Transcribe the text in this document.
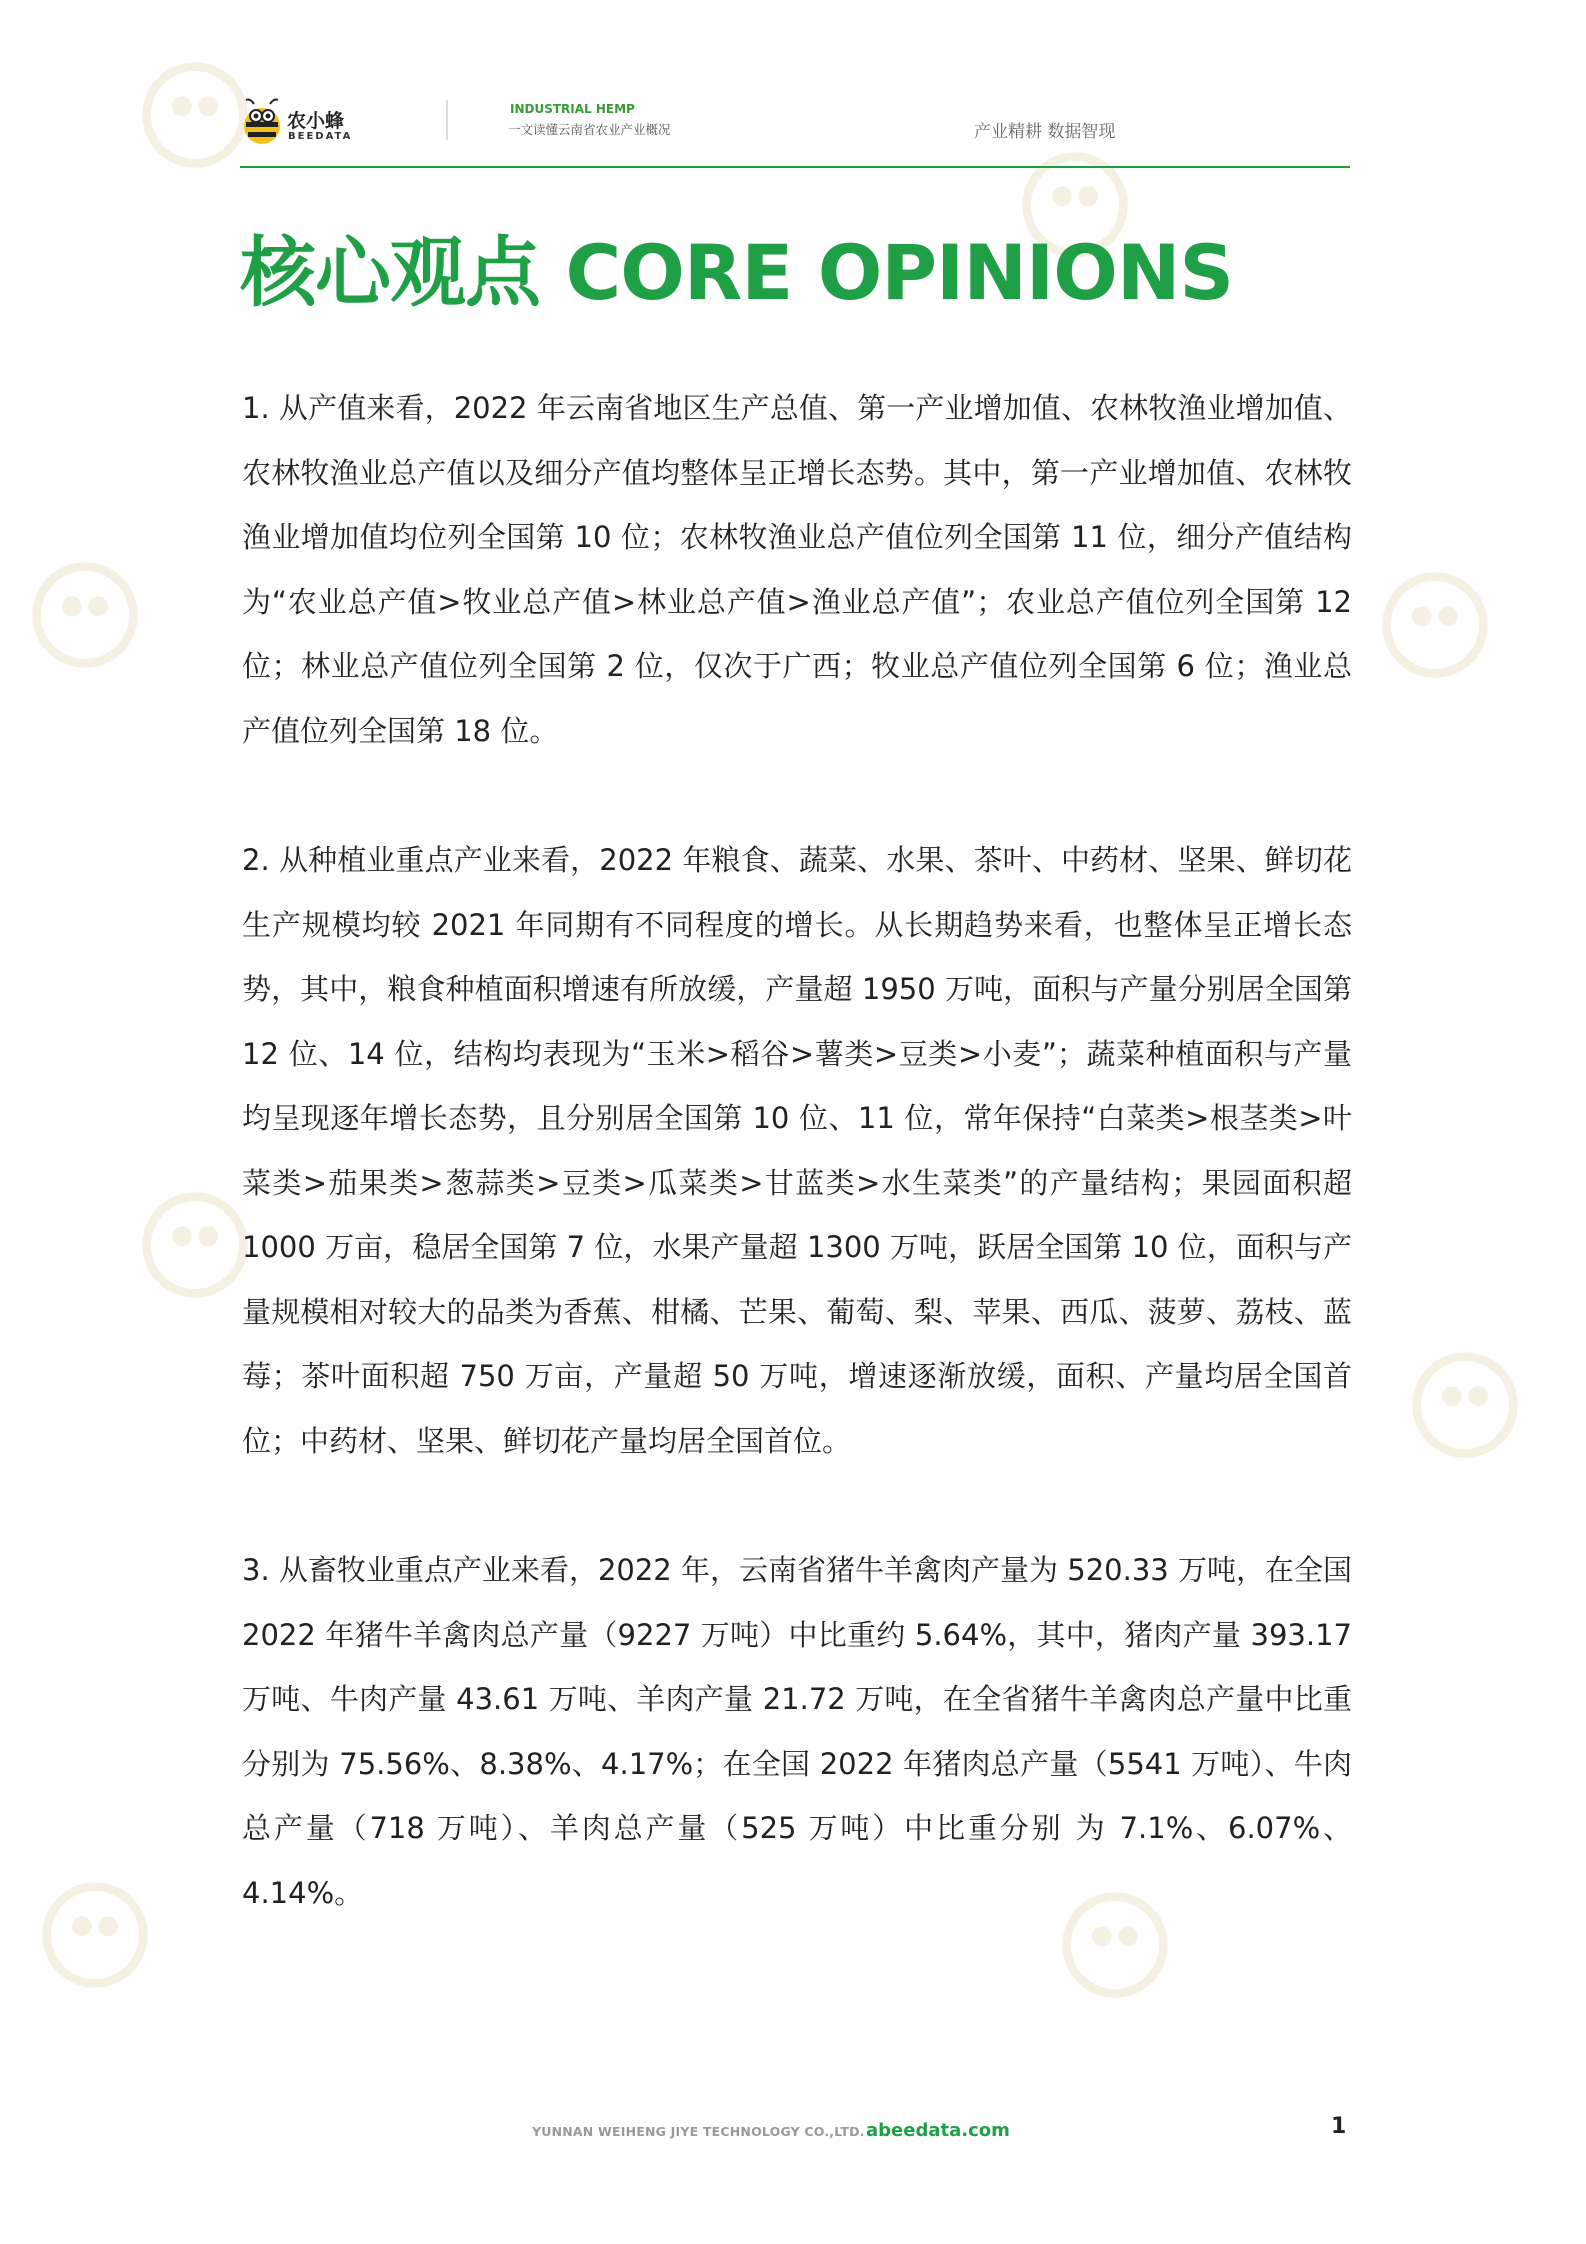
农小蜂
BEEDATA
INDUSTRIAL HEMP
一文读懂云南省农业产业概况	产业精耕 数据智现
核心观点 CORE OPINIONS

1. 从产值来看，2022 年云南省地区生产总值、第一产业增加值、农林牧渔业增加值、农林牧渔业总产值以及细分产值均整体呈正增长态势。其中，第一产业增加值、农林牧渔业增加值均位列全国第 10 位；农林牧渔业总产值位列全国第 11 位，细分产值结构为“农业总产值>牧业总产值>林业总产值>渔业总产值”；农业总产值位列全国第 12 位；林业总产值位列全国第 2 位，仅次于广西；牧业总产值位列全国第 6 位；渔业总产值位列全国第 18 位。

2. 从种植业重点产业来看，2022 年粮食、蔬菜、水果、茶叶、中药材、坚果、鲜切花生产规模均较 2021 年同期有不同程度的增长。从长期趋势来看，也整体呈正增长态势，其中，粮食种植面积增速有所放缓，产量超 1950 万吨，面积与产量分别居全国第 12 位、14 位，结构均表现为“玉米>稻谷>薯类>豆类>小麦”；蔬菜种植面积与产量均呈现逐年增长态势，且分别居全国第 10 位、11 位，常年保持“白菜类>根茎类>叶菜类>茄果类>葱蒜类>豆类>瓜菜类>甘蓝类>水生菜类”的产量结构；果园面积超 1000 万亩，稳居全国第 7 位，水果产量超 1300 万吨，跃居全国第 10 位，面积与产量规模相对较大的品类为香蕉、柑橘、芒果、葡萄、梨、苹果、西瓜、菠萝、荔枝、蓝莓；茶叶面积超 750 万亩，产量超 50 万吨，增速逐渐放缓，面积、产量均居全国首位；中药材、坚果、鲜切花产量均居全国首位。

3. 从畜牧业重点产业来看，2022 年，云南省猪牛羊禽肉产量为 520.33 万吨，在全国 2022 年猪牛羊禽肉总产量（9227 万吨）中比重约 5.64%，其中，猪肉产量 393.17 万吨、牛肉产量 43.61 万吨、羊肉产量 21.72 万吨，在全省猪牛羊禽肉总产量中比重分别为 75.56%、8.38%、4.17%；在全国 2022 年猪肉总产量（5541 万吨）、牛肉总产量（718 万吨）、羊肉总产量（525 万吨）中比重分别 为 7.1%、6.07%、4.14%。

YUNNAN WEIHENG JIYE TECHNOLOGY CO.,LTD. abeedata.com	1
